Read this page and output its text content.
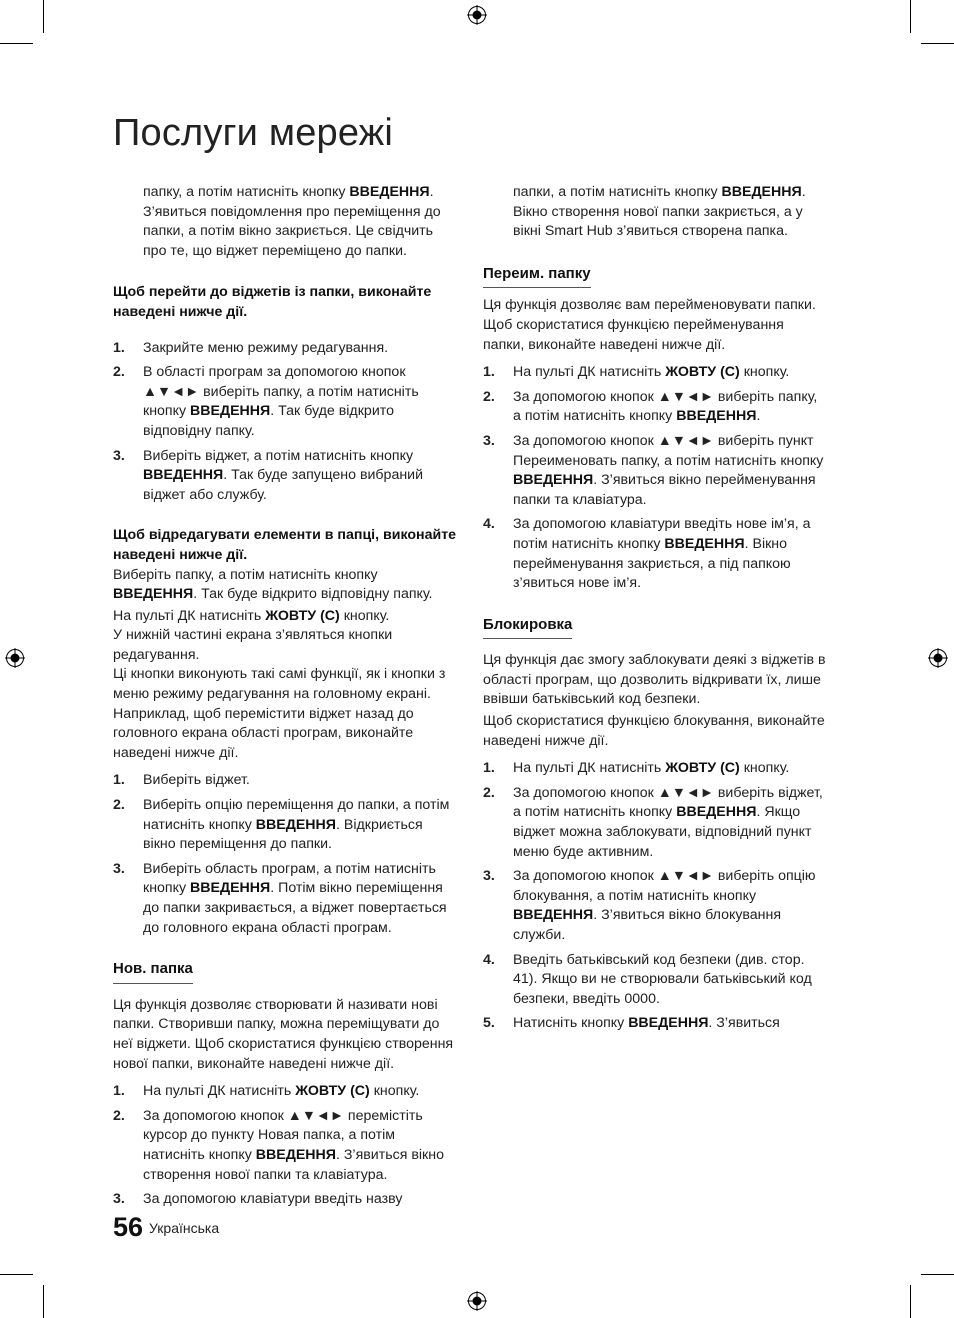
Послуги мережі

папку, а потім натисніть кнопку ВВЕДЕННЯ. З’явиться повідомлення про переміщення до папки, а потім вікно закриється. Це свідчить про те, що віджет переміщено до папки.

Щоб перейти до віджетів із папки, виконайте наведені нижче дії.

1. Закрийте меню режиму редагування.
2. В області програм за допомогою кнопок ▲▼◄► виберіть папку, а потім натисніть кнопку ВВЕДЕННЯ. Так буде відкрито відповідну папку.
3. Виберіть віджет, а потім натисніть кнопку ВВЕДЕННЯ. Так буде запущено вибраний віджет або службу.

Щоб відредагувати елементи в папці, виконайте наведені нижче дії.

Виберіть папку, а потім натисніть кнопку ВВЕДЕННЯ. Так буде відкрито відповідну папку.

На пульті ДК натисніть ЖОВТУ (C) кнопку.

У нижній частині екрана з’являться кнопки редагування.

Ці кнопки виконують такі самі функції, як і кнопки з меню режиму редагування на головному екрані. Наприклад, щоб перемістити віджет назад до головного екрана області програм, виконайте наведені нижче дії.

1. Виберіть віджет.
2. Виберіть опцію переміщення до папки, а потім натисніть кнопку ВВЕДЕННЯ. Відкриється вікно переміщення до папки.
3. Виберіть область програм, а потім натисніть кнопку ВВЕДЕННЯ. Потім вікно переміщення до папки закривається, а віджет повертається до головного екрана області програм.
Нов. папка

Ця функція дозволяє створювати й називати нові папки. Створивши папку, можна переміщувати до неї віджети. Щоб скористатися функцією створення нової папки, виконайте наведені нижче дії.

1. На пульті ДК натисніть ЖОВТУ (C) кнопку.
2. За допомогою кнопок ▲▼◄► перемістіть курсор до пункту Новая папка, а потім натисніть кнопку ВВЕДЕННЯ. З’явиться вікно створення нової папки та клавіатура.
3. За допомогою клавіатури введіть назву

папки, а потім натисніть кнопку ВВЕДЕННЯ. Вікно створення нової папки закриється, а у вікні Smart Hub з’явиться створена папка.

Переим. папку

Ця функція дозволяє вам перейменовувати папки. Щоб скористатися функцією перейменування папки, виконайте наведені нижче дії.

1. На пульті ДК натисніть ЖОВТУ (C) кнопку.
2. За допомогою кнопок ▲▼◄► виберіть папку, а потім натисніть кнопку ВВЕДЕННЯ.
3. За допомогою кнопок ▲▼◄► виберіть пункт Переименовать папку, а потім натисніть кнопку ВВЕДЕННЯ. З’явиться вікно перейменування папки та клавіатура.
4. За допомогою клавіатури введіть нове ім’я, а потім натисніть кнопку ВВЕДЕННЯ. Вікно перейменування закриється, а під папкою з’явиться нове ім’я.
Блокировка

Ця функція дає змогу заблокувати деякі з віджетів в області програм, що дозволить відкривати їх, лише ввівши батьківський код безпеки.

Щоб скористатися функцією блокування, виконайте наведені нижче дії.

1. На пульті ДК натисніть ЖОВТУ (C) кнопку.
2. За допомогою кнопок ▲▼◄► виберіть віджет, а потім натисніть кнопку ВВЕДЕННЯ. Якщо віджет можна заблокувати, відповідний пункт меню буде активним.
3. За допомогою кнопок ▲▼◄► виберіть опцію блокування, а потім натисніть кнопку ВВЕДЕННЯ. З’явиться вікно блокування служби.
4. Введіть батьківський код безпеки (див. стор. 41). Якщо ви не створювали батьківський код безпеки, введіть 0000.
5. Натисніть кнопку ВВЕДЕННЯ. З’явиться
56 Українська
